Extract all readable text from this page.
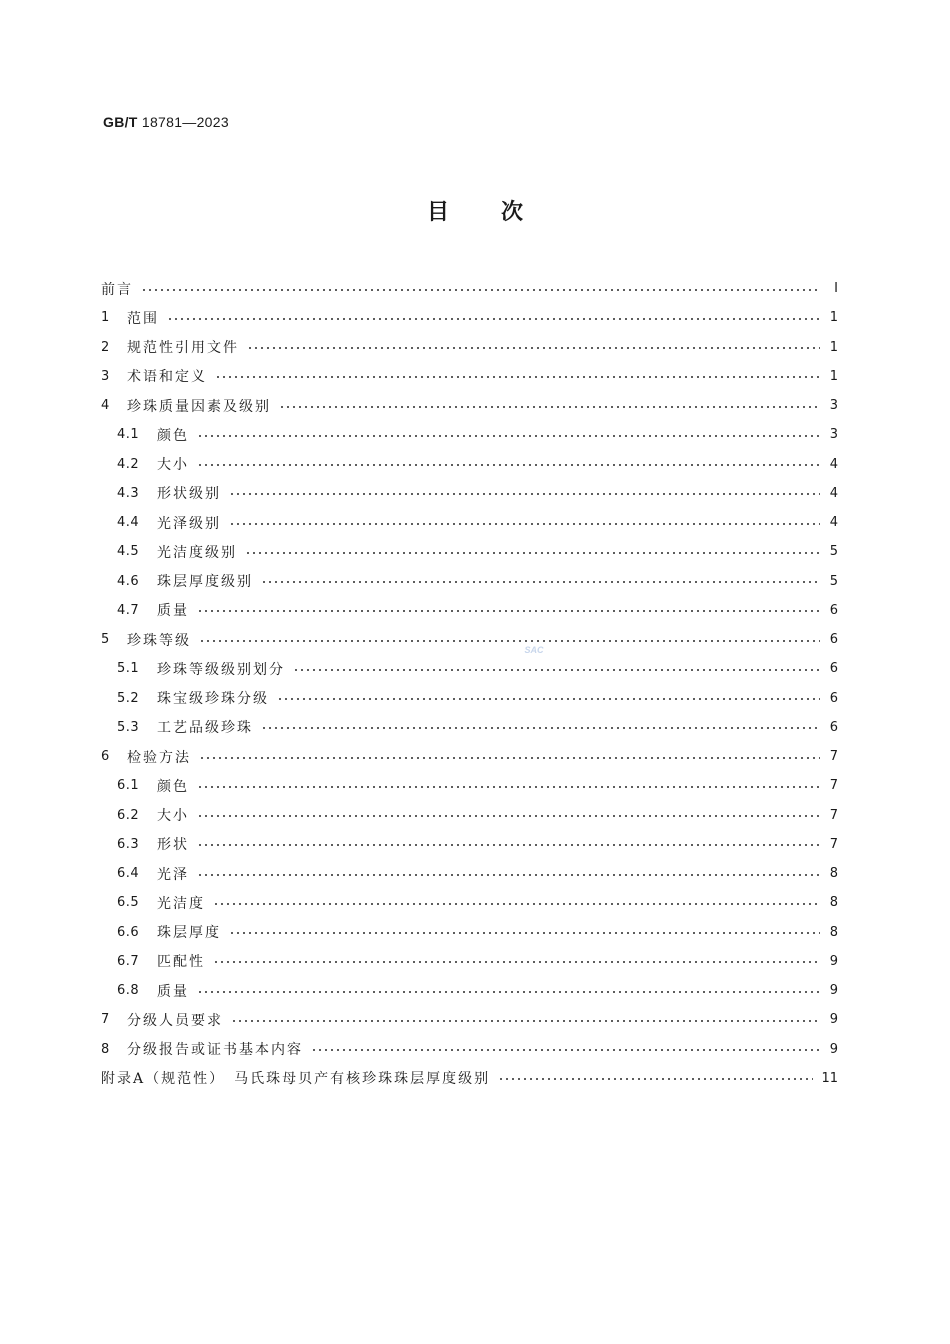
GB/T 18781—2023
目 次
前言	I
1	范围	1
2	规范性引用文件	1
3	术语和定义	1
4	珍珠质量因素及级别	3
4.1	颜色	3
4.2	大小	4
4.3	形状级别	4
4.4	光泽级别	4
4.5	光洁度级别	5
4.6	珠层厚度级别	5
4.7	质量	6
5	珍珠等级	6
5.1	珍珠等级级别划分	6
5.2	珠宝级珍珠分级	6
5.3	工艺品级珍珠	6
6	检验方法	7
6.1	颜色	7
6.2	大小	7
6.3	形状	7
6.4	光泽	8
6.5	光洁度	8
6.6	珠层厚度	8
6.7	匹配性	9
6.8	质量	9
7	分级人员要求	9
8	分级报告或证书基本内容	9
附录A（规范性）　马氏珠母贝产有核珍珠珠层厚度级别	11
SAC
